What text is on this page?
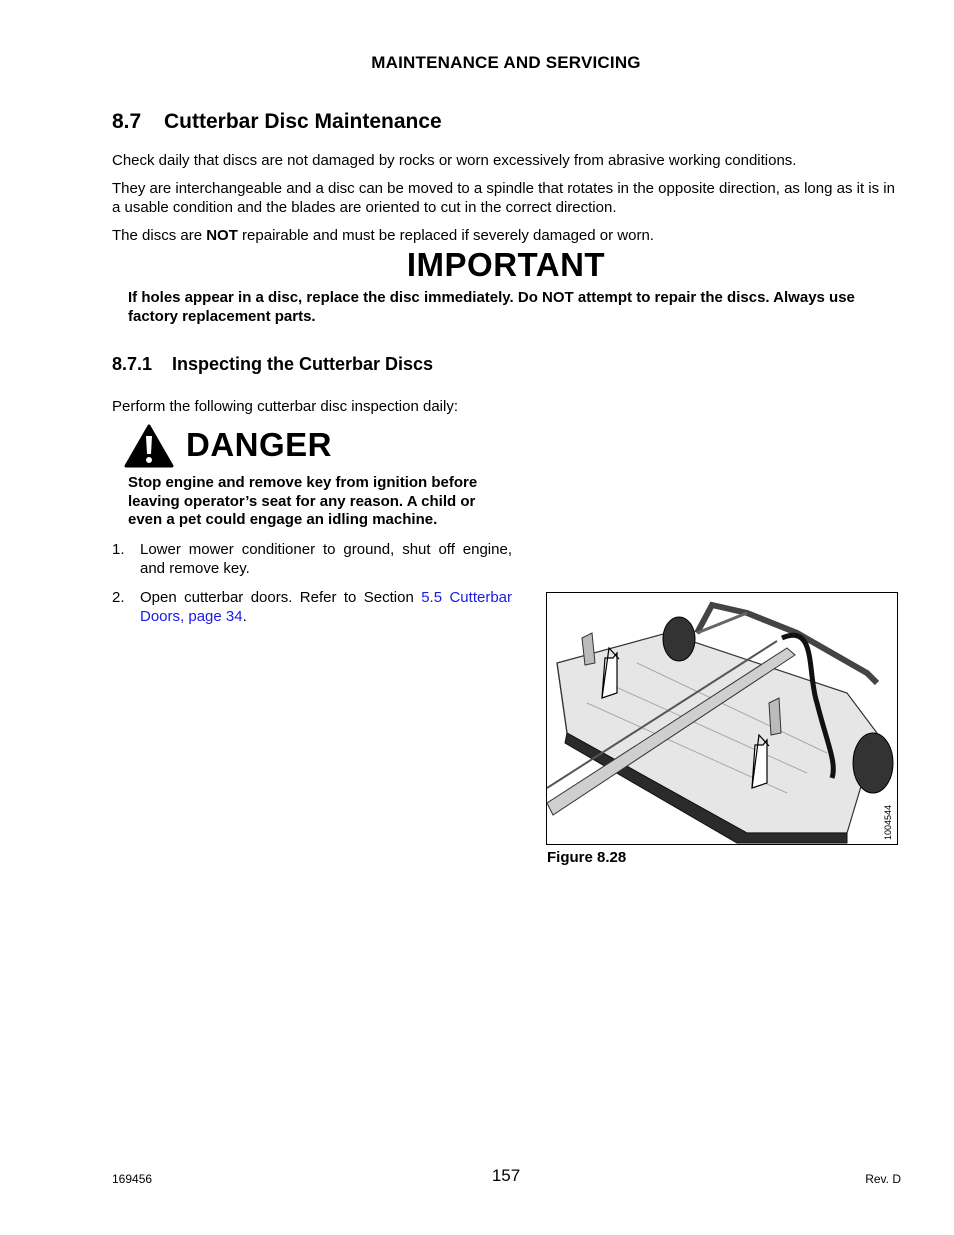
MAINTENANCE AND SERVICING
8.7 Cutterbar Disc Maintenance
Check daily that discs are not damaged by rocks or worn excessively from abrasive working conditions.
They are interchangeable and a disc can be moved to a spindle that rotates in the opposite direction, as long as it is in a usable condition and the blades are oriented to cut in the correct direction.
The discs are NOT repairable and must be replaced if severely damaged or worn.
IMPORTANT
If holes appear in a disc, replace the disc immediately. Do NOT attempt to repair the discs. Always use factory replacement parts.
8.7.1 Inspecting the Cutterbar Discs
Perform the following cutterbar disc inspection daily:
DANGER
Stop engine and remove key from ignition before leaving operator’s seat for any reason. A child or even a pet could engage an idling machine.
1. Lower mower conditioner to ground, shut off engine, and remove key.
2. Open cutterbar doors. Refer to Section 5.5 Cutterbar Doors, page 34.
1004544
Figure 8.28
169456	157	Rev. D
